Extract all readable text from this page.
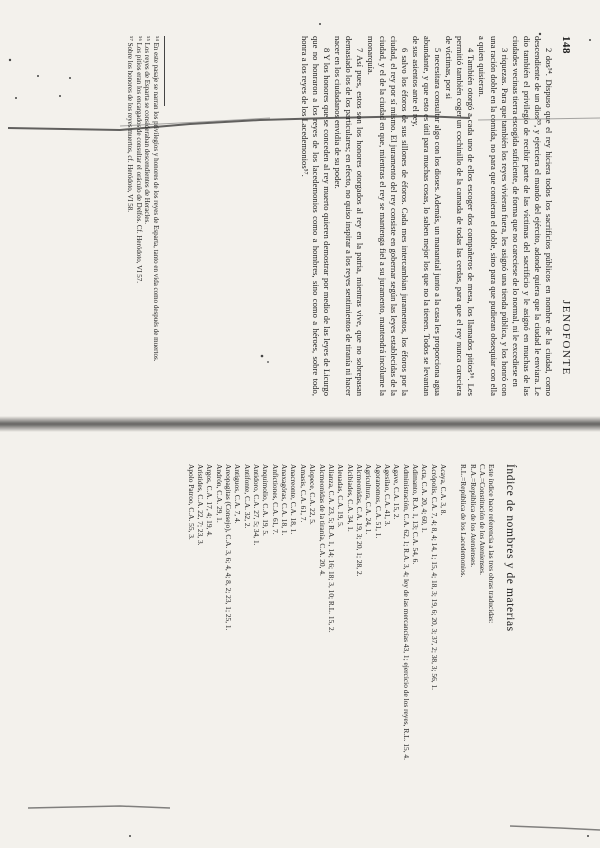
148
JENOFONTE

2 dos⁵⁴. Dispuso que el rey hiciera todos los sacrificios públicos en nombre de la ciudad, como descendiente de un dios⁵⁵, y ejerciera el mando del ejército, adonde quiera que la ciudad le enviara. Le dio también el privilegio de recibir parte de las víctimas del sacrificio y le asignó en muchas de las ciudades vecinas tierra escogida suficiente, de forma que no careciese de lo normal, ni le excediese en

3 riquezas. Para que también los reyes vivieran fuera, les asignó una tienda pública, y los honró con una ración doble en la comida, no para que comieran el doble, sino para que pudieran obsequiar con ella a quien quisieran.

4 También otorgó a cada uno de ellos escoger dos compañeros de mesa, los llamados pitios⁵⁶. Les permitió también coger un cochinillo de la camada de todas las cerdas, para que el rey nunca careciera de víctimas, por si

5 necesitara consultar algo con los dioses. Además, un manantial junto a la casa les proporciona agua abundante, y que esto es útil para muchas cosas, lo saben mejor los que no la tienen. Todos se levantan de sus asientos ante el rey,

6 salvo los éforos de sus sillones de éforos. Cada mes intercambian juramentos, los éforos por la ciudad, el rey por sí mismo. El juramento del rey consiste en gobernar según las leyes establecidas de la ciudad, y el de la ciudad en que, mientras el rey se mantenga fiel a su juramento, mantendrá incólume la monarquía.

7 Así pues, estos son los honores otorgados al rey en la patria, mientras vive, que no sobrepasan demasiado los de los particulares; en efecto, no quiso inspirar a los reyes sentimientos de tiranía ni hacer nacer en los ciudadanos envidia de su poder.

8 Y los honores que se conceden al rey muerto quieren demostrar por medio de las leyes de Licurgo que no honraron a los reyes de los lacedemonios como a hombres, sino como a héroes, sobre todo, honra a los reyes de los Lacedemonios⁵⁷.

⁵⁴ En este pasaje se narran los privilegios y honores de los reyes de Esparta, tanto en vida como después de muertos.
⁵⁵ Los reyes de Esparta se consideraban descendientes de Heracles.
⁵⁶ Los pitios eran los encargados de consultar el oráculo de Delfos. Cf. Heródoto, VI 57.
⁵⁷ Sobre los honores de los reyes muertos, cf. Heródoto, VI 58.
Índice de nombres y de materias
Este índice hace referencia a las tres obras traducidas:
C.A.=Constitución de los Atenienses.
R.A.=República de los Atenienses.
R.L.=República de los Lacedemonios.
Acaya, C.A. 3, 8.
Acrópolis, C.A. 7, 4; 8, 4; 14, 1; 15, 4; 18, 3; 19, 6; 20, 3; 37, 2; 38, 3; 56, 1.
Acta, C.A. 20, 4; 60, 1.
Adimanto, R.A. 1, 13; C.A. 54, 6.
Administración, C.A. 62, 1; R.A. 3, 4; ley de las mercancías 43, 1; ejercicio de los reyes, R.L. 15, 4.
Agave, C.A. 15, 2.
Agesilao, C.A. 41, 3.
Agoranomos, C.A. 51, 1.
Agricultura, C.A. 24, 1.
Alcmeonidas, C.A. 19, 3; 20, 1; 28, 2.
Alcibiades, C.A. 34, 1.
Aleuadas, C.A. 19, 5.
Alianza, C.A. 23, 5; R.A. 1, 14; 16; 18; 3, 10; R.L. 15, 2.
Alcmeonidas de la tiranía, C.A. 20, 4.
Alopece, C.A. 22, 5.
Amasis, C.A. 61, 7.
Anacreonte, C.A. 18, 1.
Anaxagóras, C.A. 18, 1.
Anfictiones, C.A. 61, 7.
Anquimolio, C.A. 19, 5.
Antidoro, C.A. 27, 5; 34, 1.
Antifonte, C.A. 32, 2.
Antiguos, C.A. 7, 4.
Areopagitas (Consejo), C.A. 3, 6; 4, 4; 8, 2; 23, 1; 25, 1.
Andrón, C.A. 29, 1.
Argos, C.A. 17, 4; 19, 4.
Aristides, C.A. 22, 7; 23, 3.
Apolo Patroo, C.A. 55, 3.
